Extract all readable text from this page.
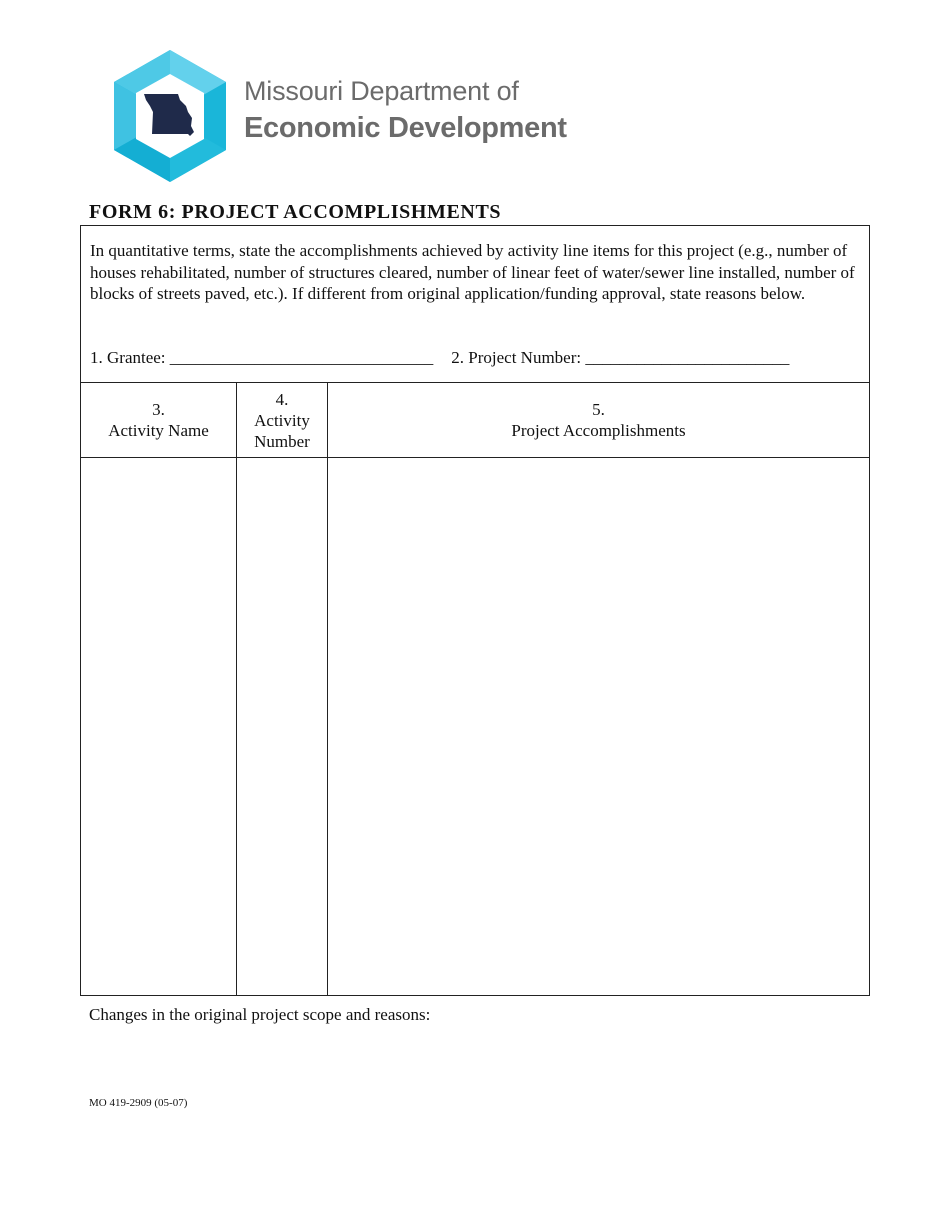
Missouri Department of
Economic Development
FORM 6: PROJECT ACCOMPLISHMENTS
In quantitative terms, state the accomplishments achieved by activity line items for this project (e.g., number of houses rehabilitated, number of structures cleared, number of linear feet of water/sewer line installed, number of blocks of streets paved, etc.). If different from original application/funding approval, state reasons below.
1. Grantee: _______________________________ 2. Project Number: ________________________
3.
Activity Name
4.
Activity Number
5.
Project Accomplishments
Changes in the original project scope and reasons:
MO 419-2909 (05-07)
